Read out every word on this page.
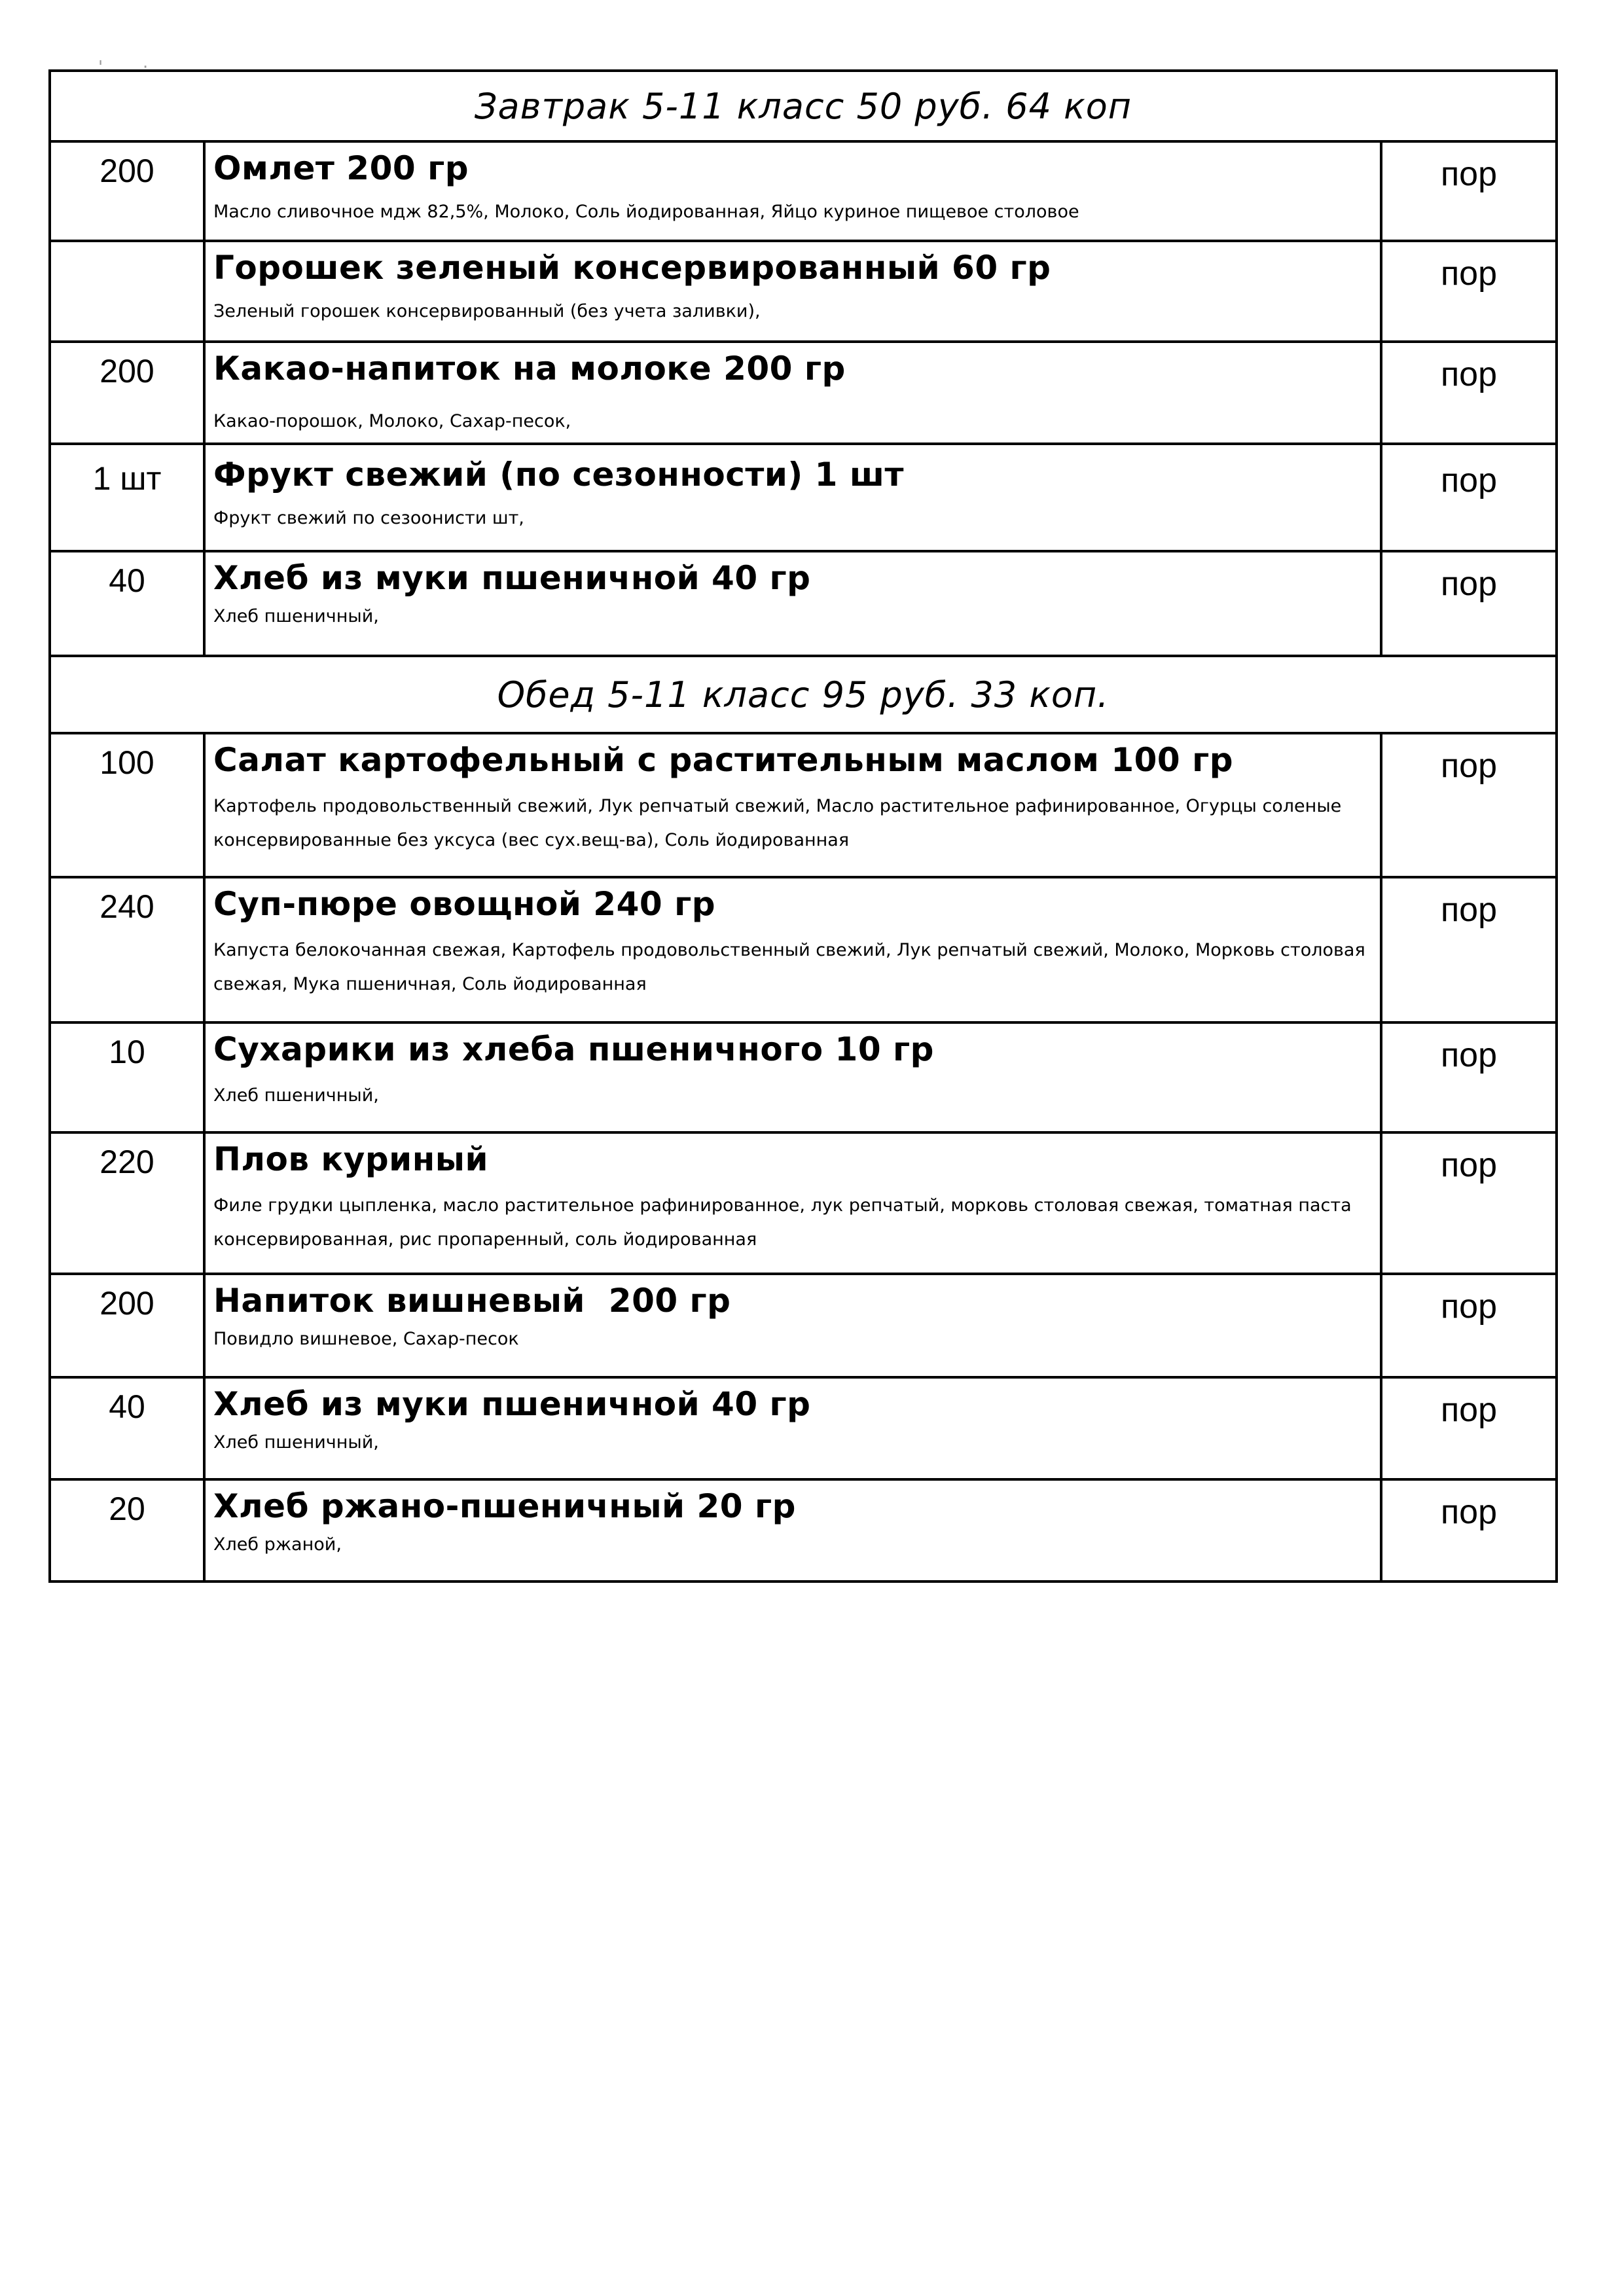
' ·
Завтрак 5-11 класс 50 руб. 64 коп		
200	Омлет 200 гр
Масло сливочное мдж 82,5%, Молоко, Соль йодированная, Яйцо куриное пищевое столовое	пор

	Горошек зеленый консервированный 60 гр
Зеленый горошек консервированный (без учета заливки),	пор
200	Какао-напиток на молоке 200 гр
Какао-порошок, Молоко, Сахар-песок,	пор
1 шт	Фрукт свежий (по сезонности) 1 шт
Фрукт свежий по сезоонисти шт,	пор
40	Хлеб из муки пшеничной 40 гр
Хлеб пшеничный,	пор
Обед 5-11 класс 95 руб. 33 коп.		
100	Салат картофельный с растительным маслом 100 гр
Картофель продовольственный свежий, Лук репчатый свежий, Масло растительное рафинированное, Огурцы соленые консервированные без уксуса (вес сух.вещ-ва), Соль йодированная	пор
240	Суп-пюре овощной 240 гр
Капуста белокочанная свежая, Картофель продовольственный свежий, Лук репчатый свежий, Молоко, Морковь столовая свежая, Мука пшеничная, Соль йодированная	пор
10	Сухарики из хлеба пшеничного 10 гр
Хлеб пшеничный,	пор
220	Плов куриный
Филе грудки цыпленка, масло растительное рафинированное, лук репчатый, морковь столовая свежая, томатная паста консервированная, рис пропаренный, соль йодированная	пор
200	Напиток вишневый  200 гр
Повидло вишневое, Сахар-песок	пор
40	Хлеб из муки пшеничной 40 гр
Хлеб пшеничный,	пор
20	Хлеб ржано-пшеничный 20 гр
Хлеб ржаной,	пор
